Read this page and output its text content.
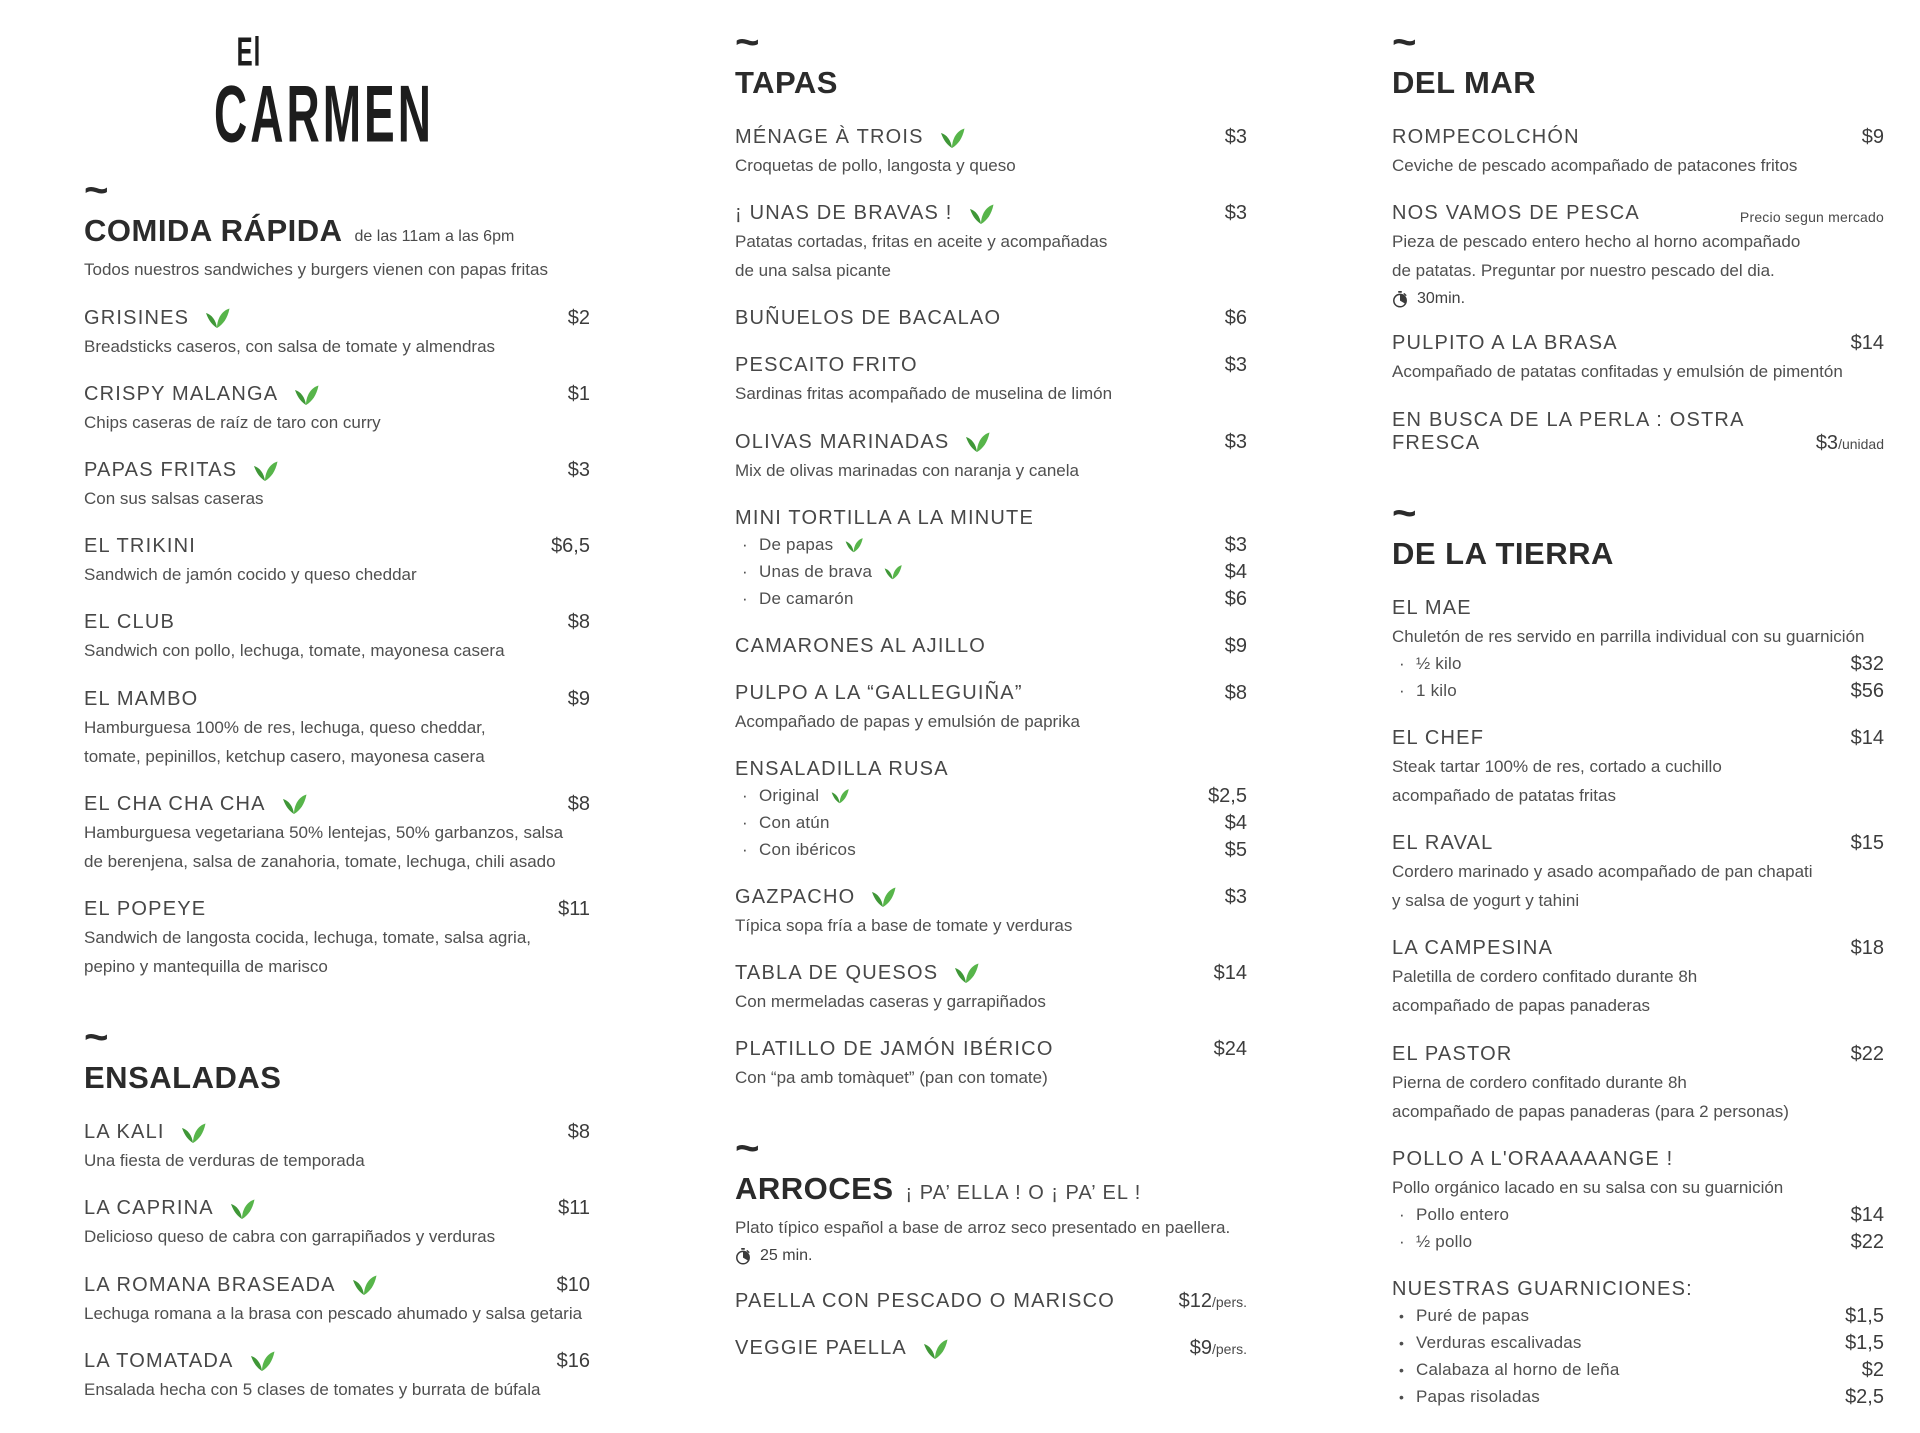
El
CARMEN
~
COMIDA RÁPIDA de las 11am a las 6pm

Todos nuestros sandwiches y burgers vienen con papas fritas

GRISINES	$2

Breadsticks caseros, con salsa de tomate y almendras

CRISPY MALANGA	$1

Chips caseras de raíz de taro con curry

PAPAS FRITAS	$3

Con sus salsas caseras

EL TRIKINI	$6,5

Sandwich de jamón cocido y queso cheddar

EL CLUB	$8

Sandwich con pollo, lechuga, tomate, mayonesa casera

EL MAMBO	$9

Hamburguesa 100% de res, lechuga, queso cheddar,

tomate, pepinillos, ketchup casero, mayonesa casera

EL CHA CHA CHA	$8

Hamburguesa vegetariana 50% lentejas, 50% garbanzos, salsa

de berenjena, salsa de zanahoria, tomate, lechuga, chili asado

EL POPEYE	$11

Sandwich de langosta cocida, lechuga, tomate, salsa agria,

pepino y mantequilla de marisco

~
ENSALADAS
LA KALI	$8

Una fiesta de verduras de temporada

LA CAPRINA	$11

Delicioso queso de cabra con garrapiñados y verduras

LA ROMANA BRASEADA	$10

Lechuga romana a la brasa con pescado ahumado y salsa getaria

LA TOMATADA	$16

Ensalada hecha con 5 clases de tomates y burrata de búfala

~
TAPAS
MÉNAGE À TROIS	$3

Croquetas de pollo, langosta y queso

¡ UNAS DE BRAVAS !	$3

Patatas cortadas, fritas en aceite y acompañadas

de una salsa picante

BUÑUELOS DE BACALAO	$6
PESCAITO FRITO	$3

Sardinas fritas acompañado de muselina de limón

OLIVAS MARINADAS	$3

Mix de olivas marinadas con naranja y canela

MINI TORTILLA A LA MINUTE
· De papas	$3
· Unas de brava	$4
· De camarón	$6
CAMARONES AL AJILLO	$9
PULPO A LA “GALLEGUIÑA”	$8

Acompañado de papas y emulsión de paprika

ENSALADILLA RUSA
· Original	$2,5
· Con atún	$4
· Con ibéricos	$5
GAZPACHO	$3

Típica sopa fría a base de tomate y verduras

TABLA DE QUESOS	$14

Con mermeladas caseras y garrapiñados

PLATILLO DE JAMÓN IBÉRICO	$24

Con “pa amb tomàquet” (pan con tomate)

~
ARROCES ¡ PA’ ELLA ! O ¡ PA’ EL !

Plato típico español a base de arroz seco presentado en paellera.

25 min.
PAELLA CON PESCADO O MARISCO	$12/pers.
VEGGIE PAELLA	$9/pers.
~
DEL MAR
ROMPECOLCHÓN	$9

Ceviche de pescado acompañado de patacones fritos

NOS VAMOS DE PESCA	Precio segun mercado

Pieza de pescado entero hecho al horno acompañado

de patatas. Preguntar por nuestro pescado del dia.

30min.
PULPITO A LA BRASA	$14

Acompañado de patatas confitadas y emulsión de pimentón

EN BUSCA DE LA PERLA : OSTRA FRESCA	$3/unidad
~
DE LA TIERRA
EL MAE

Chuletón de res servido en parrilla individual con su guarnición

· ½ kilo	$32
· 1 kilo	$56
EL CHEF	$14

Steak tartar 100% de res, cortado a cuchillo

acompañado de patatas fritas

EL RAVAL	$15

Cordero marinado y asado acompañado de pan chapati

y salsa de yogurt y tahini

LA CAMPESINA	$18

Paletilla de cordero confitado durante 8h

acompañado de papas panaderas

EL PASTOR	$22

Pierna de cordero confitado durante 8h

acompañado de papas panaderas (para 2 personas)

POLLO A L'ORAAAAANGE !

Pollo orgánico lacado en su salsa con su guarnición

· Pollo entero	$14
· ½ pollo	$22
NUESTRAS GUARNICIONES:
• Puré de papas	$1,5
• Verduras escalivadas	$1,5
• Calabaza al horno de leña	$2
• Papas risoladas	$2,5
